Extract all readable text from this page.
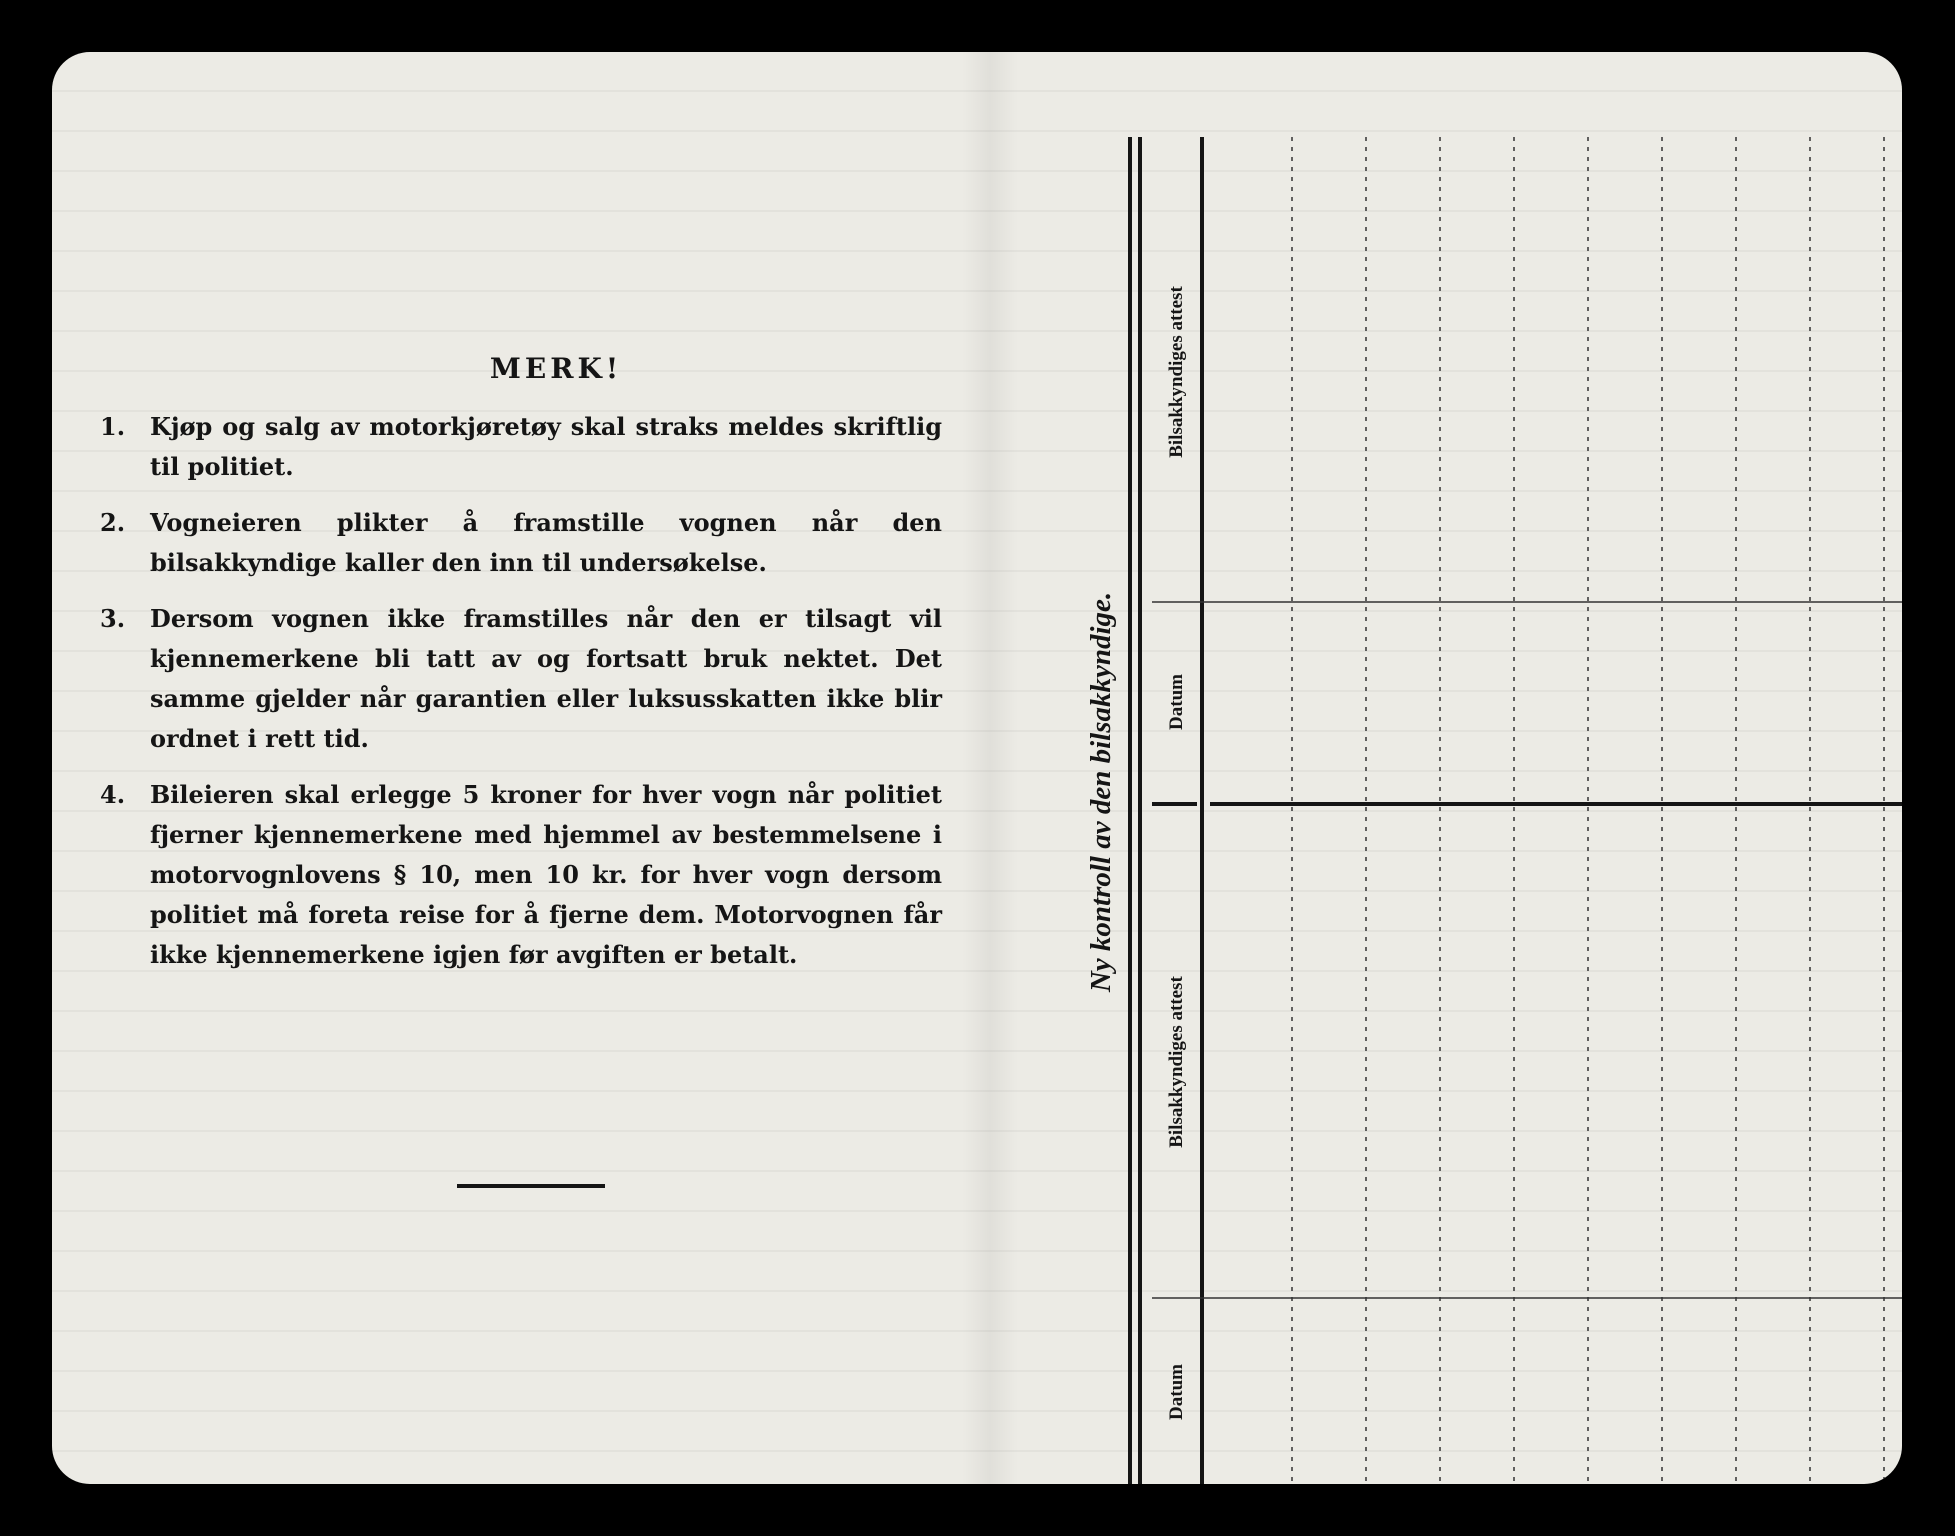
MERK!
1.	Kjøp og salg av motorkjøretøy skal straks meldes skriftlig til politiet.
2.	Vogneieren plikter å framstille vognen når den bilsakkyndige kaller den inn til undersøkelse.
3.	Dersom vognen ikke framstilles når den er tilsagt vil kjennemerkene bli tatt av og fortsatt bruk nektet. Det samme gjelder når garantien eller luksusskatten ikke blir ordnet i rett tid.
4.	Bileieren skal erlegge 5 kroner for hver vogn når politiet fjerner kjennemerkene med hjemmel av bestemmelsene i motorvognlovens § 10, men 10 kr. for hver vogn dersom politiet må foreta reise for å fjerne dem. Motorvognen får ikke kjennemerkene igjen før avgiften er betalt.	Ny kontroll av den bilsakkyndige.
Bilsakkyndiges attest
Datum
Bilsakkyndiges attest
Datum
